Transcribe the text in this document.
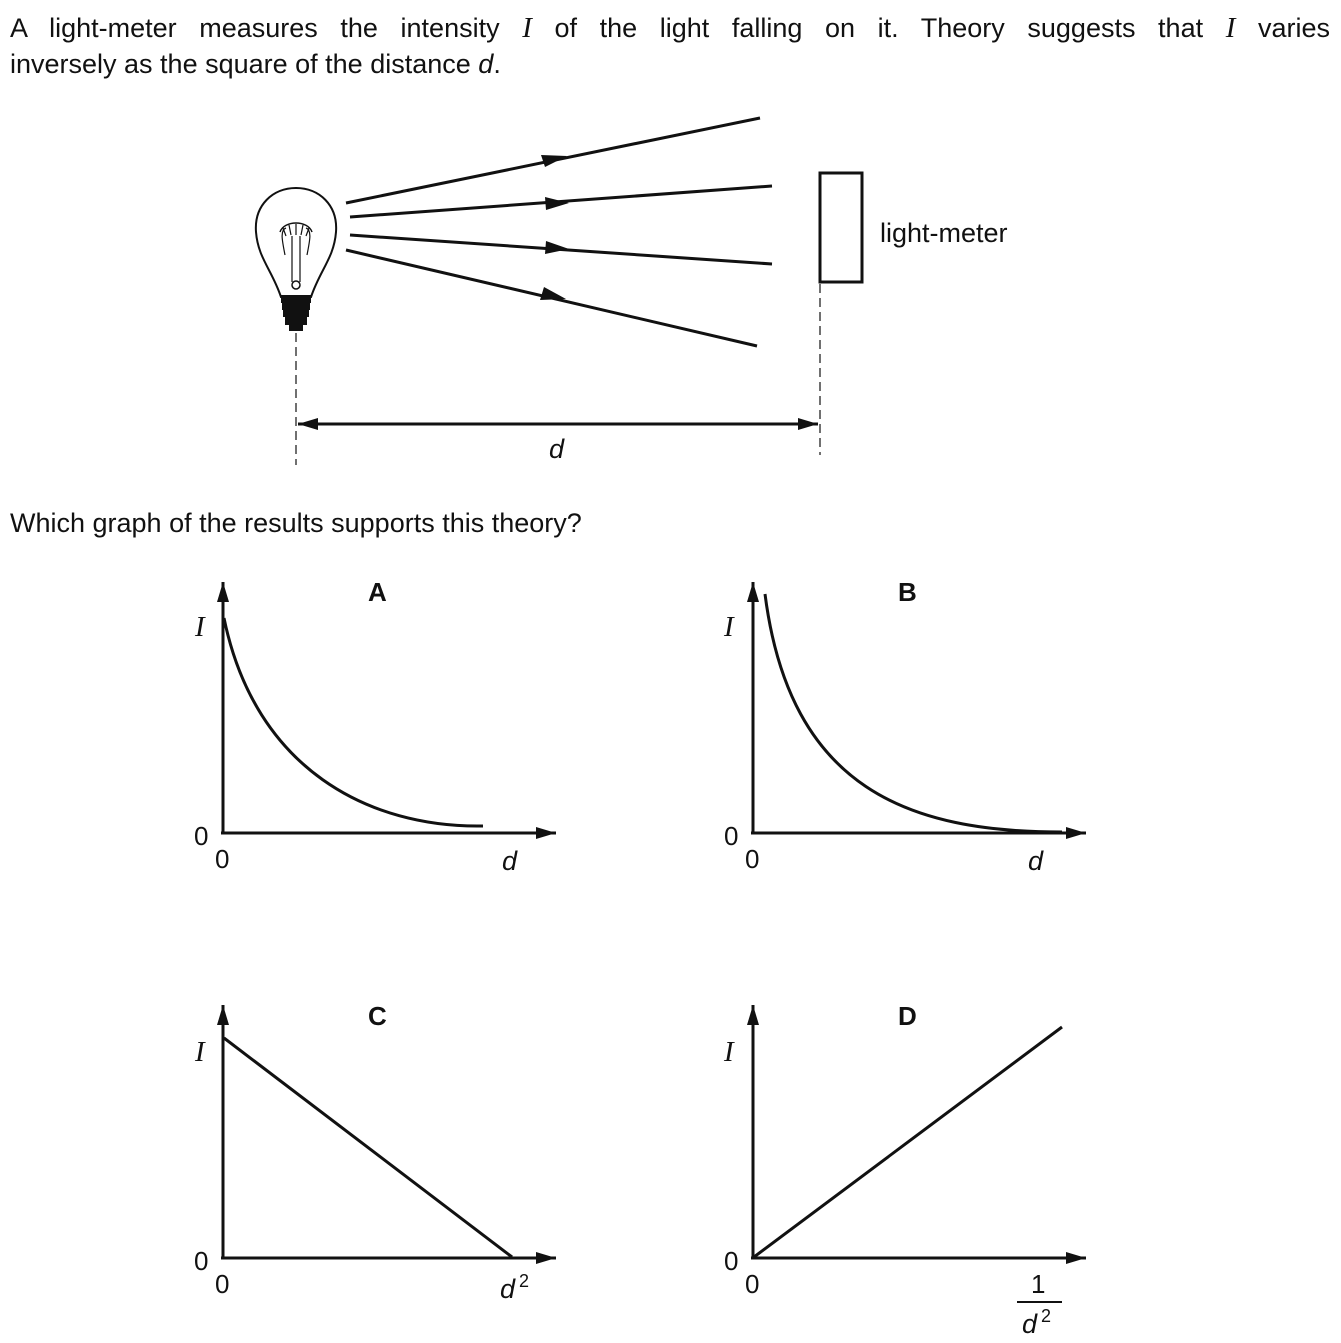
A light-meter measures the intensity I of the light falling on it. Theory suggests that I varies
inversely as the square of the distance d.
Which graph of the results supports this theory?
light-meter
d
A
I
0
0	d
B
I
0
0	d
C
I
0
0	d $^2$
D
I
0
0	1
d $^2$
